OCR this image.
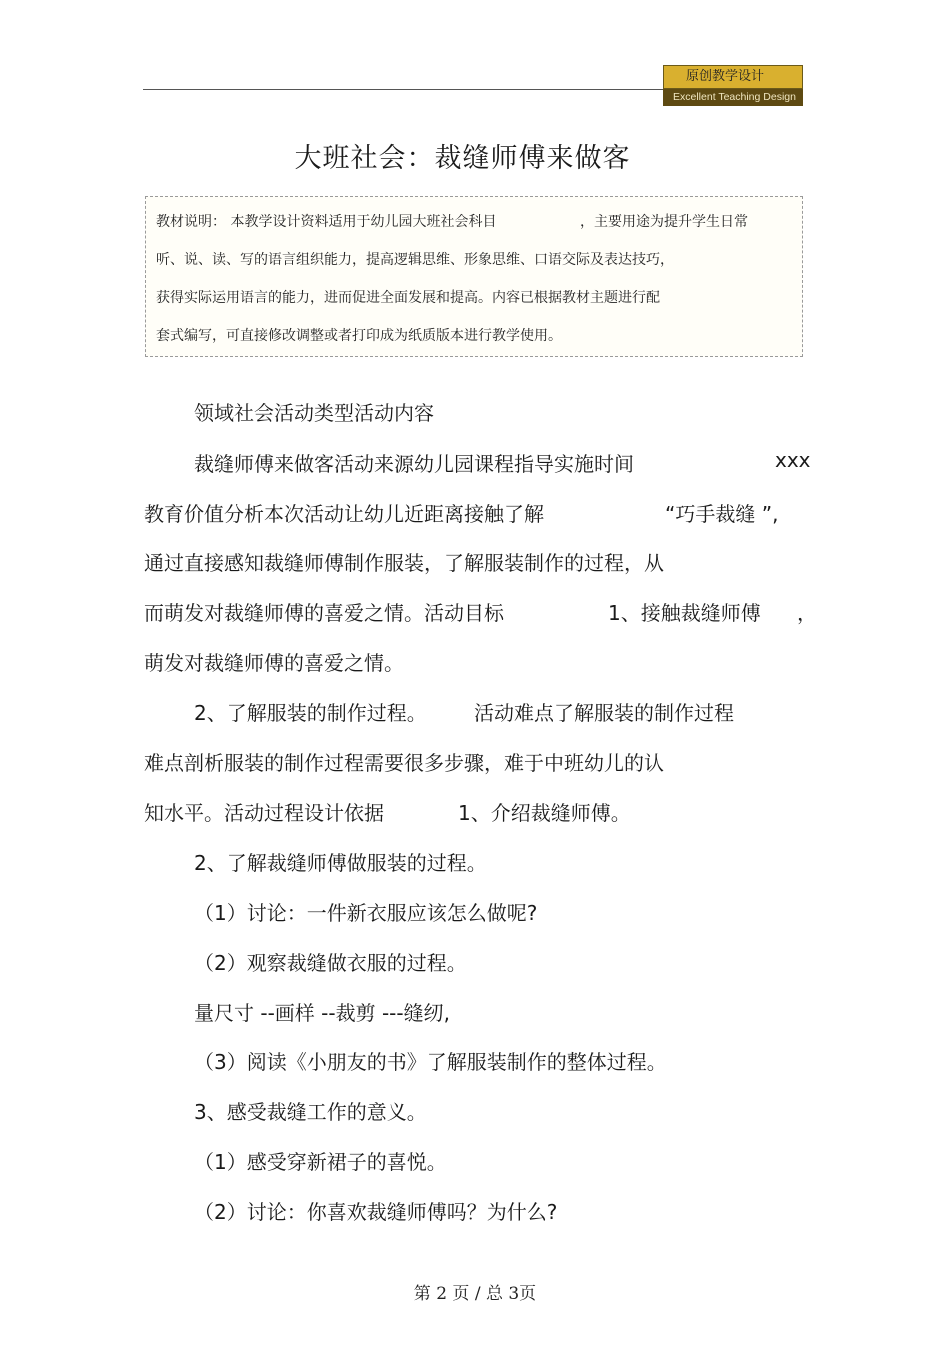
原创教学设计
Excellent Teaching Design
大班社会：裁缝师傅来做客
教材说明： 本教学设计资料适用于幼儿园大班社会科目	，主要用途为提升学生日常
听、说、读、写的语言组织能力，提高逻辑思维、形象思维、口语交际及表达技巧，
获得实际运用语言的能力，进而促进全面发展和提高。内容已根据教材主题进行配
套式编写，可直接修改调整或者打印成为纸质版本进行教学使用。
领域社会活动类型活动内容
裁缝师傅来做客活动来源幼儿园课程指导实施时间	xxx
教育价值分析本次活动让幼儿近距离接触了解	“巧手裁缝 ”,
通过直接感知裁缝师傅制作服装，了解服装制作的过程，从
而萌发对裁缝师傅的喜爱之情。活动目标	1、接触裁缝师傅 ，
萌发对裁缝师傅的喜爱之情。
2、了解服装的制作过程。 活动难点了解服装的制作过程
难点剖析服装的制作过程需要很多步骤，难于中班幼儿的认
知水平。活动过程设计依据	1、介绍裁缝师傅。
2、了解裁缝师傅做服装的过程。
（1）讨论：一件新衣服应该怎么做呢?
（2）观察裁缝做衣服的过程。
量尺寸 --画样 --裁剪 ---缝纫,
（3）阅读《小朋友的书》了解服装制作的整体过程。
3、感受裁缝工作的意义。
（1）感受穿新裙子的喜悦。
（2）讨论：你喜欢裁缝师傅吗？为什么?
第 2 页 / 总 3页
